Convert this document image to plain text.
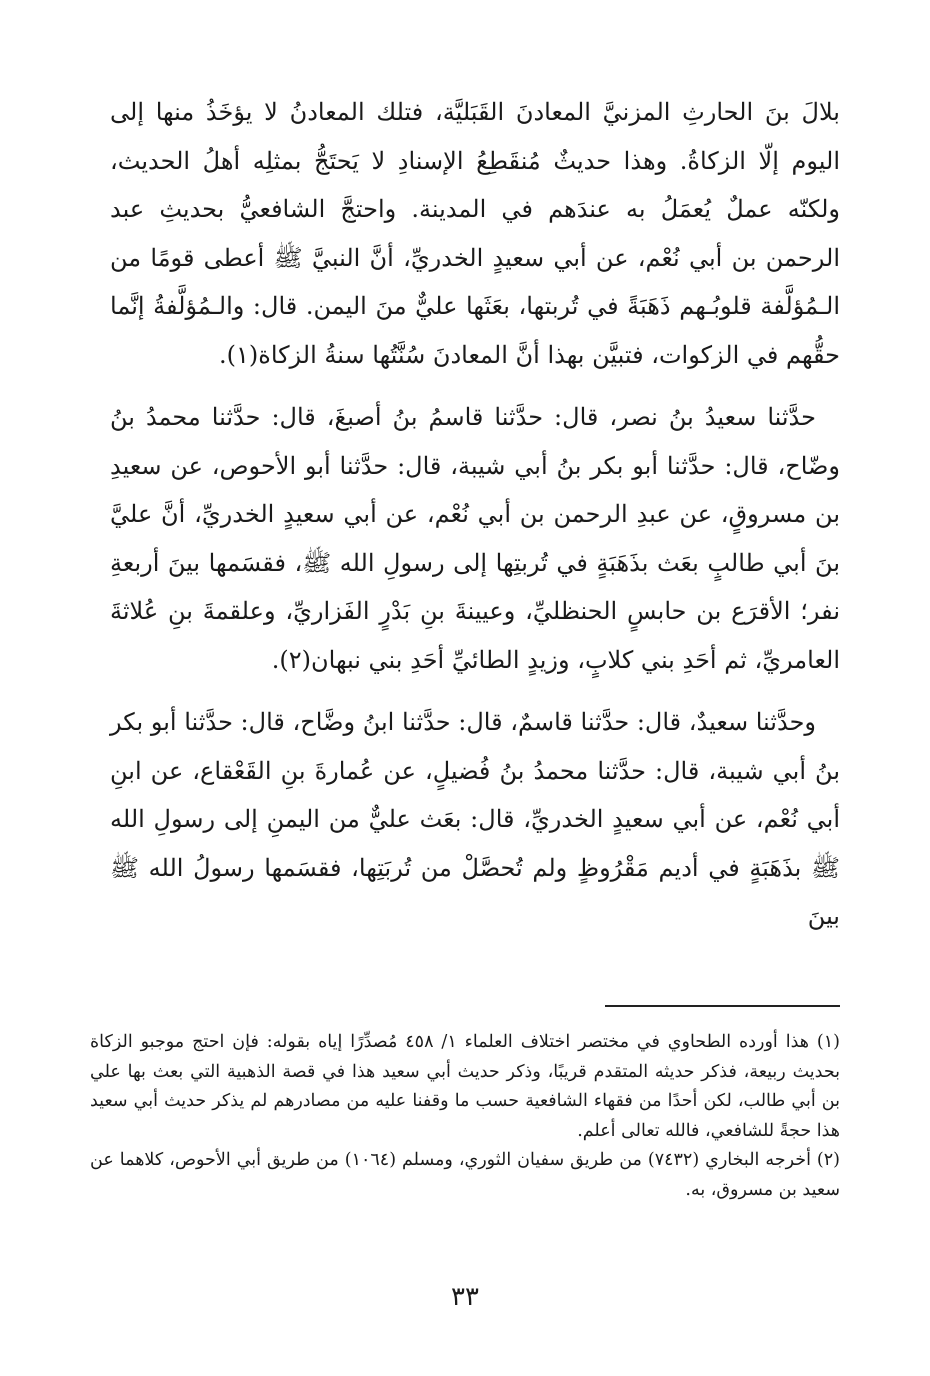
بلالَ بنَ الحارثِ المزنيَّ المعادنَ القَبَليَّة، فتلك المعادنُ لا يؤخَذُ منها إلى اليوم إلّا الزكاةُ. وهذا حديثٌ مُنقَطِعُ الإسنادِ لا يَحتَجُّ بمثلِه أهلُ الحديث، ولكنّه عملٌ يُعمَلُ به عندَهم في المدينة. واحتجَّ الشافعيُّ بحديثِ عبد الرحمن بن أبي نُعْم، عن أبي سعيدٍ الخدريِّ، أنَّ النبيَّ ﷺ أعطى قومًا من الـمُؤلَّفة قلوبُـهم ذَهَبَةً في تُربتها، بعَثَها عليٌّ منَ اليمن. قال: والـمُؤلَّفةُ إنَّما حقُّهم في الزكوات، فتبيَّن بهذا أنَّ المعادنَ سُنَّتُها سنةُ الزكاة(١).

حدَّثنا سعيدُ بنُ نصر، قال: حدَّثنا قاسمُ بنُ أصبغَ، قال: حدَّثنا محمدُ بنُ وضّاح، قال: حدَّثنا أبو بكر بنُ أبي شيبة، قال: حدَّثنا أبو الأحوص، عن سعيدِ بن مسروقٍ، عن عبدِ الرحمن بن أبي نُعْم، عن أبي سعيدٍ الخدريِّ، أنَّ عليَّ بنَ أبي طالبٍ بعَث بذَهَبَةٍ في تُربتِها إلى رسولِ الله ﷺ، فقسَمها بينَ أربعةِ نفر؛ الأقرَع بن حابسٍ الحنظليِّ، وعيينةَ بنِ بَدْرٍ الفَزاريِّ، وعلقمةَ بنِ عُلاثةَ العامريِّ، ثم أحَدِ بني كلابٍ، وزيدٍ الطائيِّ أحَدِ بني نبهان(٢).

وحدَّثنا سعيدٌ، قال: حدَّثنا قاسمٌ، قال: حدَّثنا ابنُ وضَّاح، قال: حدَّثنا أبو بكر بنُ أبي شيبة، قال: حدَّثنا محمدُ بنُ فُضيلٍ، عن عُمارةَ بنِ القَعْقاع، عن ابنِ أبي نُعْم، عن أبي سعيدٍ الخدريِّ، قال: بعَث عليٌّ من اليمنِ إلى رسولِ الله ﷺ بذَهَبَةٍ في أديم مَقْرُوظٍ ولم تُحصَّلْ من تُربَتِها، فقسَمها رسولُ الله ﷺ بينَ

(١) هذا أورده الطحاوي في مختصر اختلاف العلماء ١/ ٤٥٨ مُصدِّرًا إياه بقوله: فإن احتج موجبو الزكاة بحديث ربيعة، فذكر حديثه المتقدم قريبًا، وذكر حديث أبي سعيد هذا في قصة الذهبية التي بعث بها علي بن أبي طالب، لكن أحدًا من فقهاء الشافعية حسب ما وقفنا عليه من مصادرهم لم يذكر حديث أبي سعيد هذا حجةً للشافعي، فالله تعالى أعلم.

(٢) أخرجه البخاري (٧٤٣٢) من طريق سفيان الثوري، ومسلم (١٠٦٤) من طريق أبي الأحوص، كلاهما عن سعيد بن مسروق، به.

٣٣
